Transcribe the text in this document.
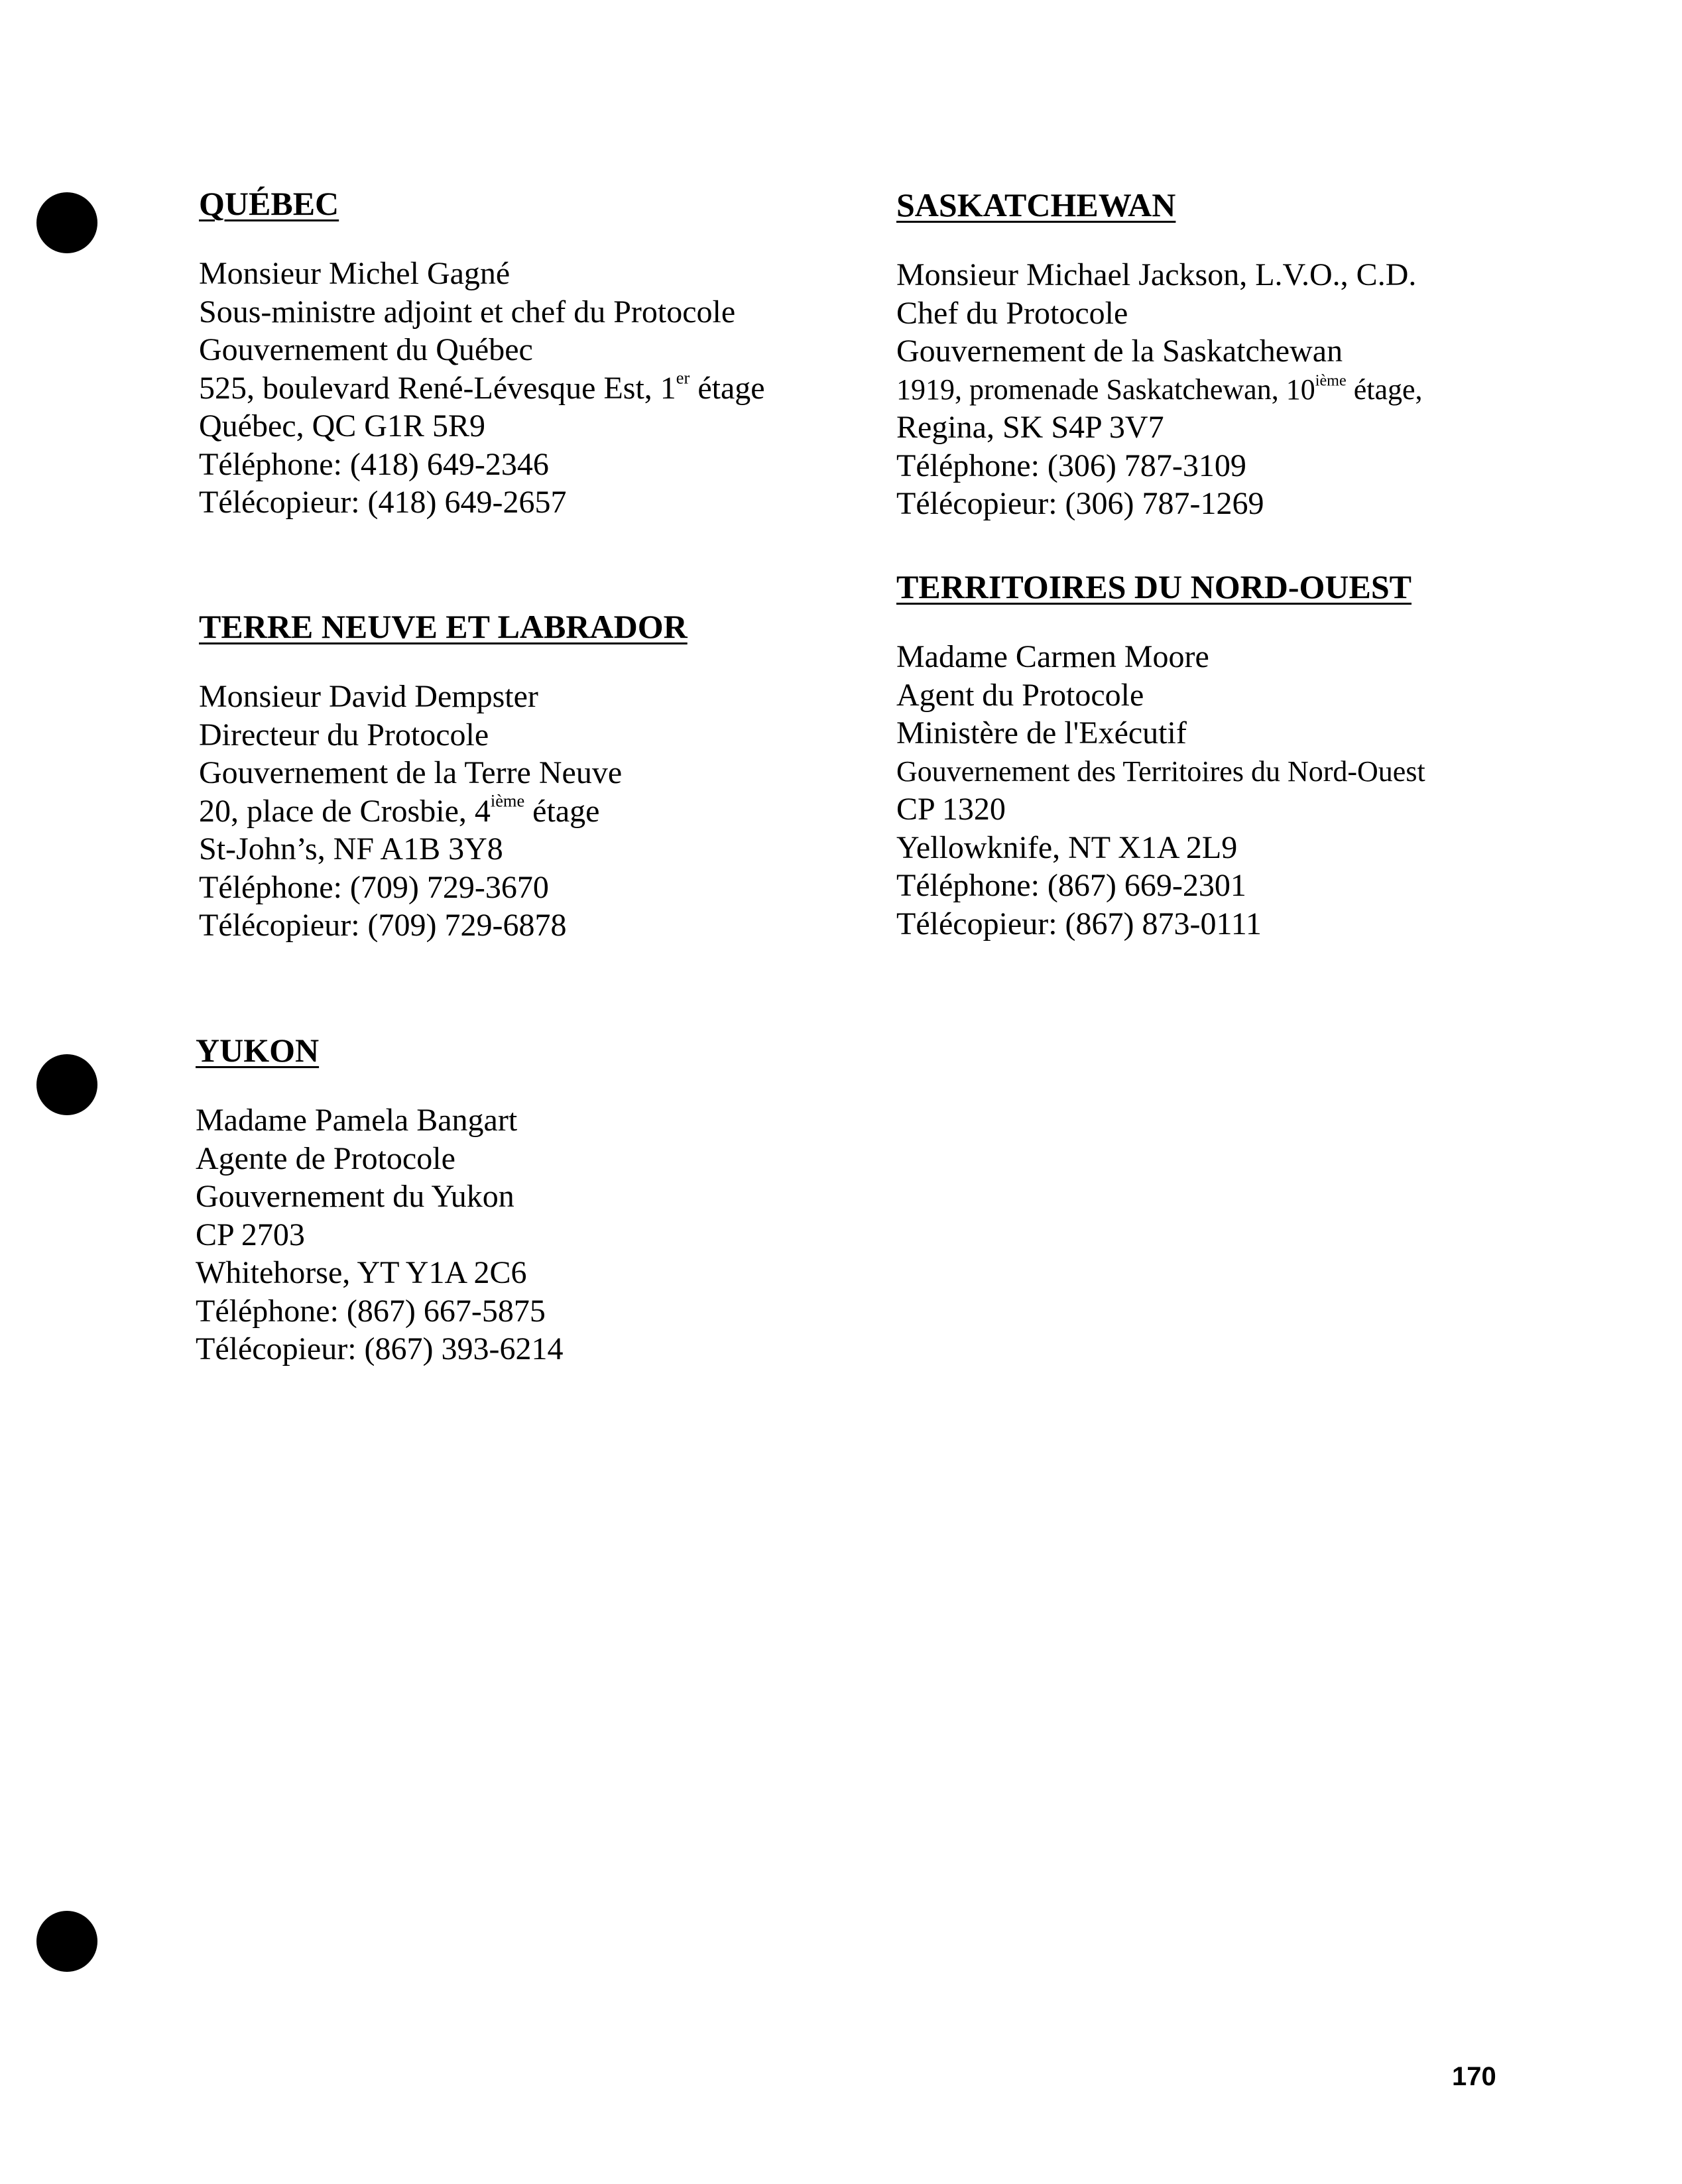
QUÉBEC
Monsieur Michel Gagné
Sous-ministre adjoint et chef du Protocole
Gouvernement du Québec
525, boulevard René-Lévesque Est, 1er étage
Québec, QC G1R 5R9
Téléphone: (418) 649-2346
Télécopieur: (418) 649-2657
SASKATCHEWAN
Monsieur Michael Jackson, L.V.O., C.D.
Chef du Protocole
Gouvernement de la Saskatchewan
1919, promenade Saskatchewan, 10ième étage,
Regina, SK S4P 3V7
Téléphone: (306) 787-3109
Télécopieur: (306) 787-1269
TERRE NEUVE ET LABRADOR
Monsieur David Dempster
Directeur du Protocole
Gouvernement de la Terre Neuve
20, place de Crosbie, 4ième étage
St-John’s, NF A1B 3Y8
Téléphone: (709) 729-3670
Télécopieur: (709) 729-6878
TERRITOIRES DU NORD-OUEST
Madame Carmen Moore
Agent du Protocole
Ministère de l'Exécutif
Gouvernement des Territoires du Nord-Ouest
CP 1320
Yellowknife, NT X1A 2L9
Téléphone: (867) 669-2301
Télécopieur: (867) 873-0111
YUKON
Madame Pamela Bangart
Agente de Protocole
Gouvernement du Yukon
CP 2703
Whitehorse, YT Y1A 2C6
Téléphone: (867) 667-5875
Télécopieur: (867) 393-6214
170
